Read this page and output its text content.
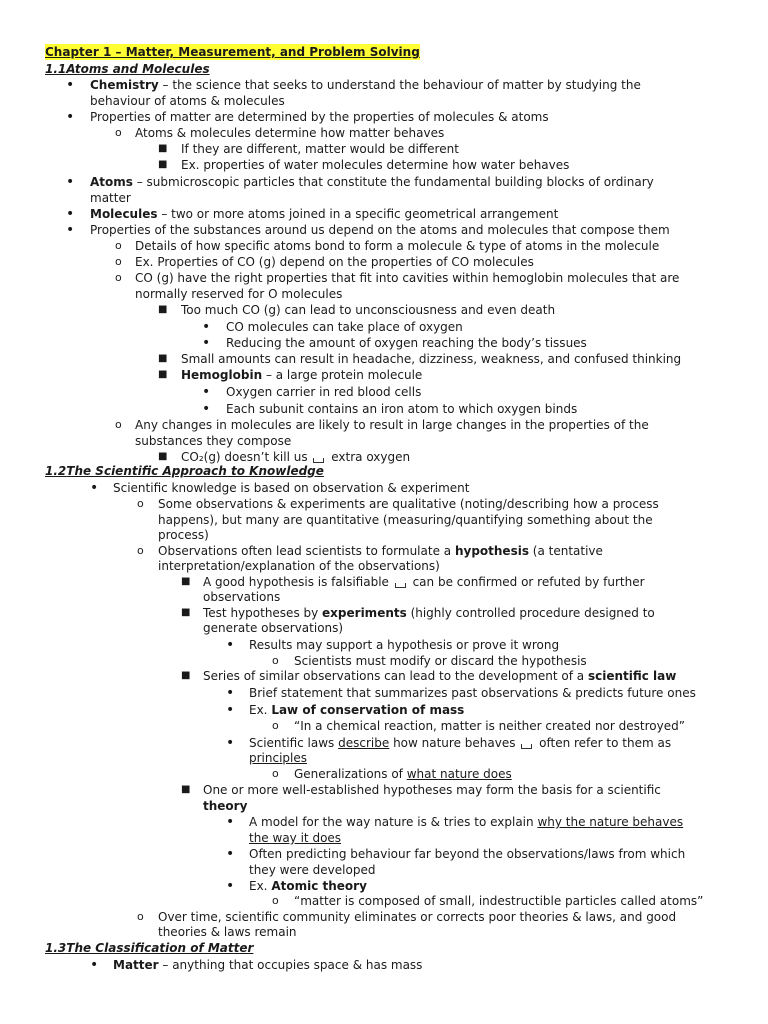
Chapter 1 – Matter, Measurement, and Problem Solving
1.1Atoms and Molecules
• Chemistry – the science that seeks to understand the behaviour of matter by studying the
behaviour of atoms & molecules
• Properties of matter are determined by the properties of molecules & atoms
o Atoms & molecules determine how matter behaves
■ If they are different, matter would be different
■ Ex. properties of water molecules determine how water behaves
• Atoms – submicroscopic particles that constitute the fundamental building blocks of ordinary
matter
• Molecules – two or more atoms joined in a specific geometrical arrangement
• Properties of the substances around us depend on the atoms and molecules that compose them
o Details of how specific atoms bond to form a molecule & type of atoms in the molecule
o Ex. Properties of CO (g) depend on the properties of CO molecules
o CO (g) have the right properties that fit into cavities within hemoglobin molecules that are
normally reserved for O molecules
■ Too much CO (g) can lead to unconsciousness and even death
• CO molecules can take place of oxygen
• Reducing the amount of oxygen reaching the body’s tissues
■ Small amounts can result in headache, dizziness, weakness, and confused thinking
■ Hemoglobin – a large protein molecule
• Oxygen carrier in red blood cells
• Each subunit contains an iron atom to which oxygen binds
o Any changes in molecules are likely to result in large changes in the properties of the
substances they compose
■ CO₂(g) doesn’t kill us extra oxygen
1.2The Scientific Approach to Knowledge
• Scientific knowledge is based on observation & experiment
o Some observations & experiments are qualitative (noting/describing how a process
happens), but many are quantitative (measuring/quantifying something about the
process)
o Observations often lead scientists to formulate a hypothesis (a tentative
interpretation/explanation of the observations)
■ A good hypothesis is falsifiable can be confirmed or refuted by further
observations
■ Test hypotheses by experiments (highly controlled procedure designed to
generate observations)
• Results may support a hypothesis or prove it wrong
o Scientists must modify or discard the hypothesis
■ Series of similar observations can lead to the development of a scientific law
• Brief statement that summarizes past observations & predicts future ones
• Ex. Law of conservation of mass
o “In a chemical reaction, matter is neither created nor destroyed”
• Scientific laws describe how nature behaves often refer to them as
principles
o Generalizations of what nature does
■ One or more well-established hypotheses may form the basis for a scientific
theory
• A model for the way nature is & tries to explain why the nature behaves
the way it does
• Often predicting behaviour far beyond the observations/laws from which
they were developed
• Ex. Atomic theory
o “matter is composed of small, indestructible particles called atoms”
o Over time, scientific community eliminates or corrects poor theories & laws, and good
theories & laws remain
1.3The Classification of Matter
• Matter – anything that occupies space & has mass
